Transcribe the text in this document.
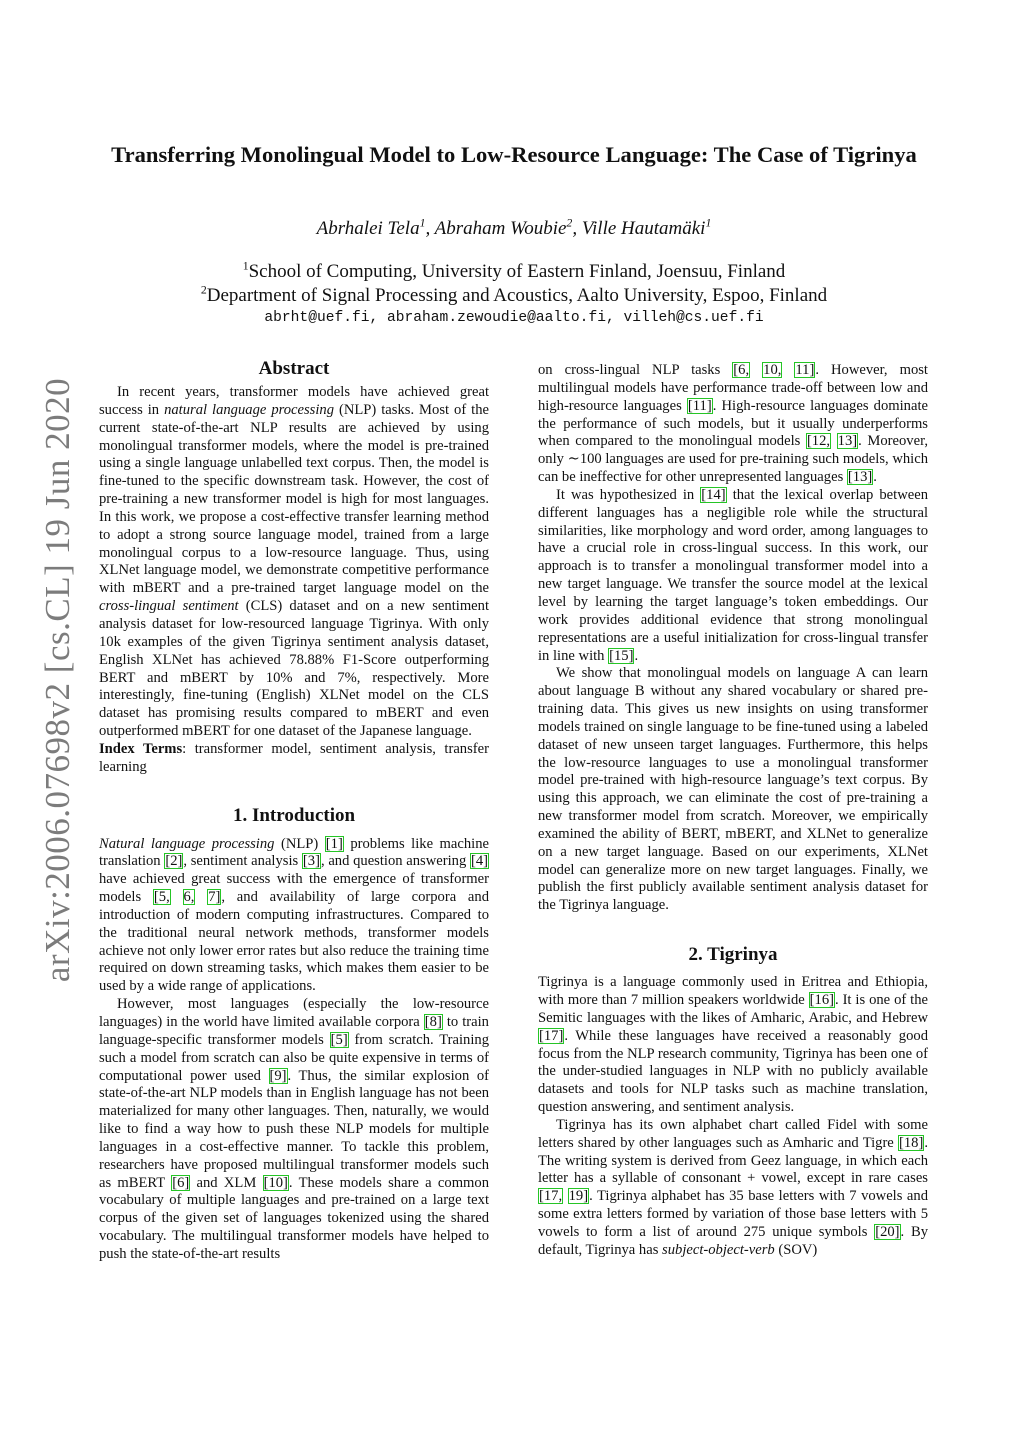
arXiv:2006.07698v2 [cs.CL] 19 Jun 2020
Transferring Monolingual Model to Low-Resource Language: The Case of Tigrinya
Abrhalei Tela$^1$, Abraham Woubie$^2$, Ville Hautamäki$^1$
$^1$School of Computing, University of Eastern Finland, Joensuu, Finland
$^2$Department of Signal Processing and Acoustics, Aalto University, Espoo, Finland
abrht@uef.fi, abraham.zewoudie@aalto.fi, villeh@cs.uef.fi
Abstract

In recent years, transformer models have achieved great success in natural language processing (NLP) tasks. Most of the current state-of-the-art NLP results are achieved by using monolingual transformer models, where the model is pre-trained using a single language unlabelled text corpus. Then, the model is fine-tuned to the specific downstream task. However, the cost of pre-training a new transformer model is high for most languages. In this work, we propose a cost-effective transfer learning method to adopt a strong source language model, trained from a large monolingual corpus to a low-resource language. Thus, using XLNet language model, we demonstrate competitive performance with mBERT and a pre-trained target language model on the cross-lingual sentiment (CLS) dataset and on a new sentiment analysis dataset for low-resourced language Tigrinya. With only 10k examples of the given Tigrinya sentiment analysis dataset, English XLNet has achieved 78.88% F1-Score outperforming BERT and mBERT by 10% and 7%, respectively. More interestingly, fine-tuning (English) XLNet model on the CLS dataset has promising results compared to mBERT and even outperformed mBERT for one dataset of the Japanese language.

Index Terms: transformer model, sentiment analysis, transfer learning

1. Introduction

Natural language processing (NLP) [1] problems like machine translation [2], sentiment analysis [3], and question answering [4] have achieved great success with the emergence of transformer models [5, 6, 7], and availability of large corpora and introduction of modern computing infrastructures. Compared to the traditional neural network methods, transformer models achieve not only lower error rates but also reduce the training time required on down streaming tasks, which makes them easier to be used by a wide range of applications.

However, most languages (especially the low-resource languages) in the world have limited available corpora [8] to train language-specific transformer models [5] from scratch. Training such a model from scratch can also be quite expensive in terms of computational power used [9]. Thus, the similar explosion of state-of-the-art NLP models than in English language has not been materialized for many other languages. Then, naturally, we would like to find a way how to push these NLP models for multiple languages in a cost-effective manner. To tackle this problem, researchers have proposed multilingual transformer models such as mBERT [6] and XLM [10]. These models share a common vocabulary of multiple languages and pre-trained on a large text corpus of the given set of languages tokenized using the shared vocabulary. The multilingual transformer models have helped to push the state-of-the-art results

on cross-lingual NLP tasks [6, 10, 11]. However, most multilingual models have performance trade-off between low and high-resource languages [11]. High-resource languages dominate the performance of such models, but it usually underperforms when compared to the monolingual models [12, 13]. Moreover, only ∼100 languages are used for pre-training such models, which can be ineffective for other unrepresented languages [13].

It was hypothesized in [14] that the lexical overlap between different languages has a negligible role while the structural similarities, like morphology and word order, among languages to have a crucial role in cross-lingual success. In this work, our approach is to transfer a monolingual transformer model into a new target language. We transfer the source model at the lexical level by learning the target language’s token embeddings. Our work provides additional evidence that strong monolingual representations are a useful initialization for cross-lingual transfer in line with [15].

We show that monolingual models on language A can learn about language B without any shared vocabulary or shared pre-training data. This gives us new insights on using transformer models trained on single language to be fine-tuned using a labeled dataset of new unseen target languages. Furthermore, this helps the low-resource languages to use a monolingual transformer model pre-trained with high-resource language’s text corpus. By using this approach, we can eliminate the cost of pre-training a new transformer model from scratch. Moreover, we empirically examined the ability of BERT, mBERT, and XLNet to generalize on a new target language. Based on our experiments, XLNet model can generalize more on new target languages. Finally, we publish the first publicly available sentiment analysis dataset for the Tigrinya language.

2. Tigrinya

Tigrinya is a language commonly used in Eritrea and Ethiopia, with more than 7 million speakers worldwide [16]. It is one of the Semitic languages with the likes of Amharic, Arabic, and Hebrew [17]. While these languages have received a reasonably good focus from the NLP research community, Tigrinya has been one of the under-studied languages in NLP with no publicly available datasets and tools for NLP tasks such as machine translation, question answering, and sentiment analysis.

Tigrinya has its own alphabet chart called Fidel with some letters shared by other languages such as Amharic and Tigre [18]. The writing system is derived from Geez language, in which each letter has a syllable of consonant + vowel, except in rare cases [17, 19]. Tigrinya alphabet has 35 base letters with 7 vowels and some extra letters formed by variation of those base letters with 5 vowels to form a list of around 275 unique symbols [20]. By default, Tigrinya has subject-object-verb (SOV)
